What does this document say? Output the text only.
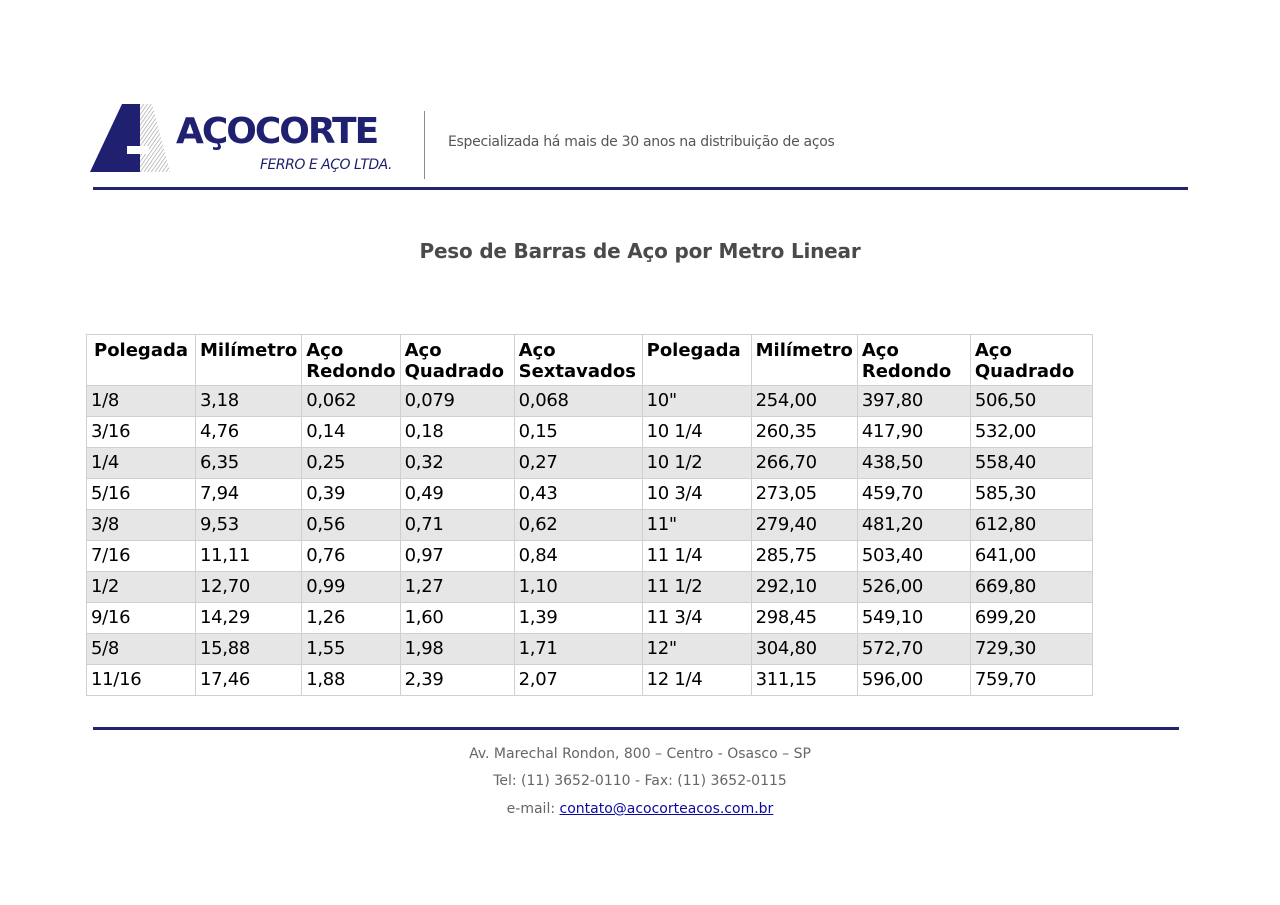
AÇOCORTE
FERRO E AÇO LTDA.
Especializada há mais de 30 anos na distribuição de aços
Peso de Barras de Aço por Metro Linear
Polegada	Milímetro	Aço Redondo	Aço Quadrado	Aço Sextavados	Polegada	Milímetro	Aço Redondo	Aço Quadrado
1/8	3,18	0,062	0,079	0,068	10"	254,00	397,80	506,50
3/16	4,76	0,14	0,18	0,15	10 1/4	260,35	417,90	532,00
1/4	6,35	0,25	0,32	0,27	10 1/2	266,70	438,50	558,40
5/16	7,94	0,39	0,49	0,43	10 3/4	273,05	459,70	585,30
3/8	9,53	0,56	0,71	0,62	11"	279,40	481,20	612,80
7/16	11,11	0,76	0,97	0,84	11 1/4	285,75	503,40	641,00
1/2	12,70	0,99	1,27	1,10	11 1/2	292,10	526,00	669,80
9/16	14,29	1,26	1,60	1,39	11 3/4	298,45	549,10	699,20
5/8	15,88	1,55	1,98	1,71	12"	304,80	572,70	729,30
11/16	17,46	1,88	2,39	2,07	12 1/4	311,15	596,00	759,70
Av. Marechal Rondon, 800 – Centro - Osasco – SP
Tel: (11) 3652-0110 - Fax: (11) 3652-0115
e-mail: contato@acocorteacos.com.br
